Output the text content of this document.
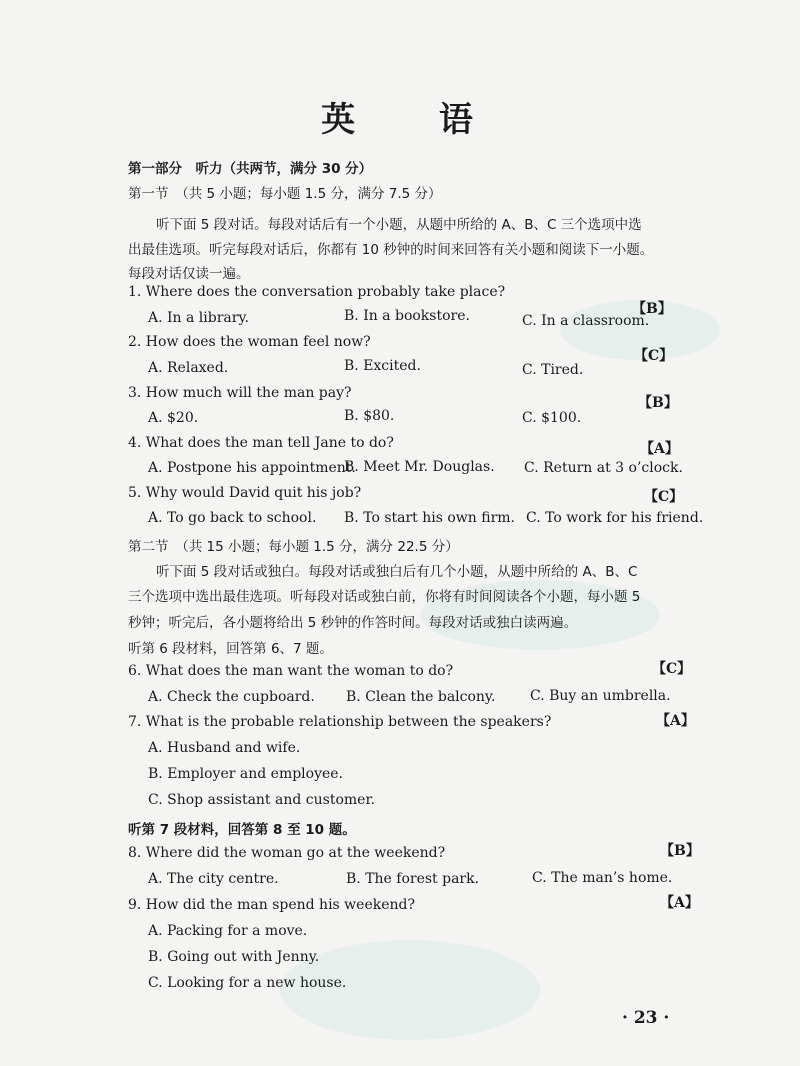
英 语
第一部分　听力（共两节，满分 30 分）
第一节　（共 5 小题；每小题 1.5 分，满分 7.5 分）
听下面 5 段对话。每段对话后有一个小题，从题中所给的 A、B、C 三个选项中选
出最佳选项。听完每段对话后，你都有 10 秒钟的时间来回答有关小题和阅读下一小题。
每段对话仅读一遍。
1. Where does the conversation probably take place?
【B】
A. In a library.	B. In a bookstore.	C. In a classroom.
2. How does the woman feel now?
【C】
A. Relaxed.	B. Excited.	C. Tired.
3. How much will the man pay?
【B】
A. $20.	B. $80.	C. $100.
4. What does the man tell Jane to do?	【A】
A. Postpone his appointment.
B. Meet Mr. Douglas. C. Return at 3 o’clock.
5. Why would David quit his job?	【C】
A. To go back to school. B. To start his own firm. C. To work for his friend.
第二节　（共 15 小题；每小题 1.5 分，满分 22.5 分）
听下面 5 段对话或独白。每段对话或独白后有几个小题，从题中所给的 A、B、C
三个选项中选出最佳选项。听每段对话或独白前，你将有时间阅读各个小题，每小题 5
秒钟；听完后，各小题将给出 5 秒钟的作答时间。每段对话或独白读两遍。
听第 6 段材料，回答第 6、7 题。
6. What does the man want the woman to do?	【C】
A. Check the cupboard. B. Clean the balcony. C. Buy an umbrella.
7. What is the probable relationship between the speakers?	【A】
A. Husband and wife.
B. Employer and employee.
C. Shop assistant and customer.
听第 7 段材料，回答第 8 至 10 题。
8. Where did the woman go at the weekend?	【B】
A. The city centre.	B. The forest park.	C. The man’s home.
9. How did the man spend his weekend?	【A】
A. Packing for a move.
B. Going out with Jenny.
C. Looking for a new house.
· 23 ·
